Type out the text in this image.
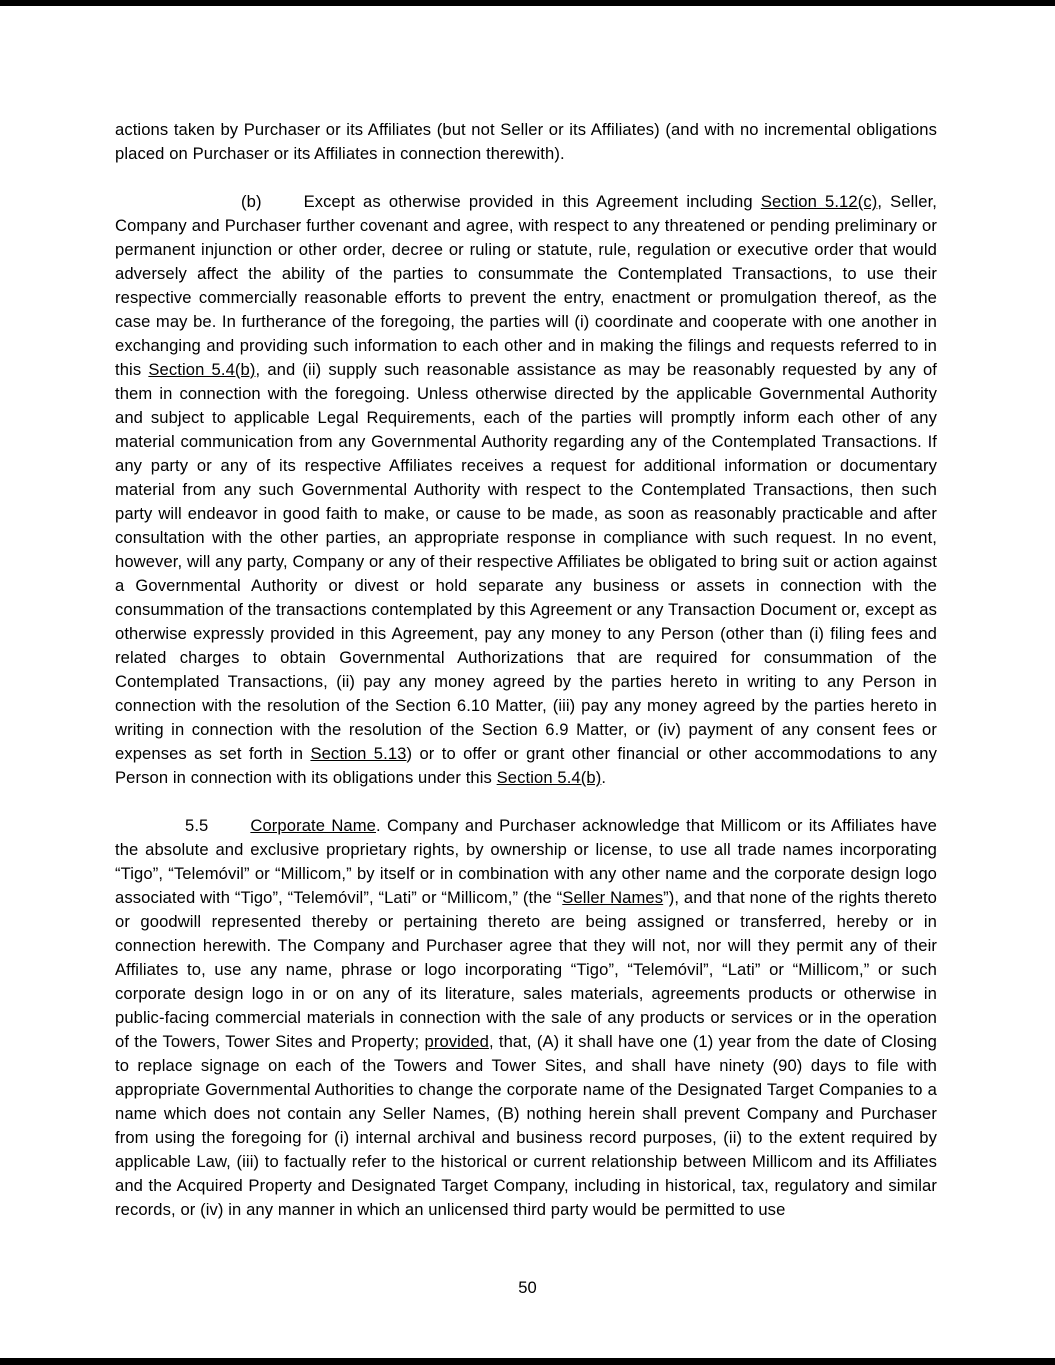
actions taken by Purchaser or its Affiliates (but not Seller or its Affiliates) (and with no incremental obligations placed on Purchaser or its Affiliates in connection therewith).

(b)	Except as otherwise provided in this Agreement including Section 5.12(c), Seller, Company and Purchaser further covenant and agree, with respect to any threatened or pending preliminary or permanent injunction or other order, decree or ruling or statute, rule, regulation or executive order that would adversely affect the ability of the parties to consummate the Contemplated Transactions, to use their respective commercially reasonable efforts to prevent the entry, enactment or promulgation thereof, as the case may be. In furtherance of the foregoing, the parties will (i) coordinate and cooperate with one another in exchanging and providing such information to each other and in making the filings and requests referred to in this Section 5.4(b), and (ii) supply such reasonable assistance as may be reasonably requested by any of them in connection with the foregoing. Unless otherwise directed by the applicable Governmental Authority and subject to applicable Legal Requirements, each of the parties will promptly inform each other of any material communication from any Governmental Authority regarding any of the Contemplated Transactions. If any party or any of its respective Affiliates receives a request for additional information or documentary material from any such Governmental Authority with respect to the Contemplated Transactions, then such party will endeavor in good faith to make, or cause to be made, as soon as reasonably practicable and after consultation with the other parties, an appropriate response in compliance with such request. In no event, however, will any party, Company or any of their respective Affiliates be obligated to bring suit or action against a Governmental Authority or divest or hold separate any business or assets in connection with the consummation of the transactions contemplated by this Agreement or any Transaction Document or, except as otherwise expressly provided in this Agreement, pay any money to any Person (other than (i) filing fees and related charges to obtain Governmental Authorizations that are required for consummation of the Contemplated Transactions, (ii) pay any money agreed by the parties hereto in writing to any Person in connection with the resolution of the Section 6.10 Matter, (iii) pay any money agreed by the parties hereto in writing in connection with the resolution of the Section 6.9 Matter, or (iv) payment of any consent fees or expenses as set forth in Section 5.13) or to offer or grant other financial or other accommodations to any Person in connection with its obligations under this Section 5.4(b).

5.5	Corporate Name. Company and Purchaser acknowledge that Millicom or its Affiliates have the absolute and exclusive proprietary rights, by ownership or license, to use all trade names incorporating “Tigo”, “Telemóvil” or “Millicom,” by itself or in combination with any other name and the corporate design logo associated with “Tigo”, “Telemóvil”, “Lati” or “Millicom,” (the “Seller Names”), and that none of the rights thereto or goodwill represented thereby or pertaining thereto are being assigned or transferred, hereby or in connection herewith. The Company and Purchaser agree that they will not, nor will they permit any of their Affiliates to, use any name, phrase or logo incorporating “Tigo”, “Telemóvil”, “Lati” or “Millicom,” or such corporate design logo in or on any of its literature, sales materials, agreements products or otherwise in public-facing commercial materials in connection with the sale of any products or services or in the operation of the Towers, Tower Sites and Property; provided, that, (A) it shall have one (1) year from the date of Closing to replace signage on each of the Towers and Tower Sites, and shall have ninety (90) days to file with appropriate Governmental Authorities to change the corporate name of the Designated Target Companies to a name which does not contain any Seller Names, (B) nothing herein shall prevent Company and Purchaser from using the foregoing for (i) internal archival and business record purposes, (ii) to the extent required by applicable Law, (iii) to factually refer to the historical or current relationship between Millicom and its Affiliates and the Acquired Property and Designated Target Company, including in historical, tax, regulatory and similar records, or (iv) in any manner in which an unlicensed third party would be permitted to use

50
